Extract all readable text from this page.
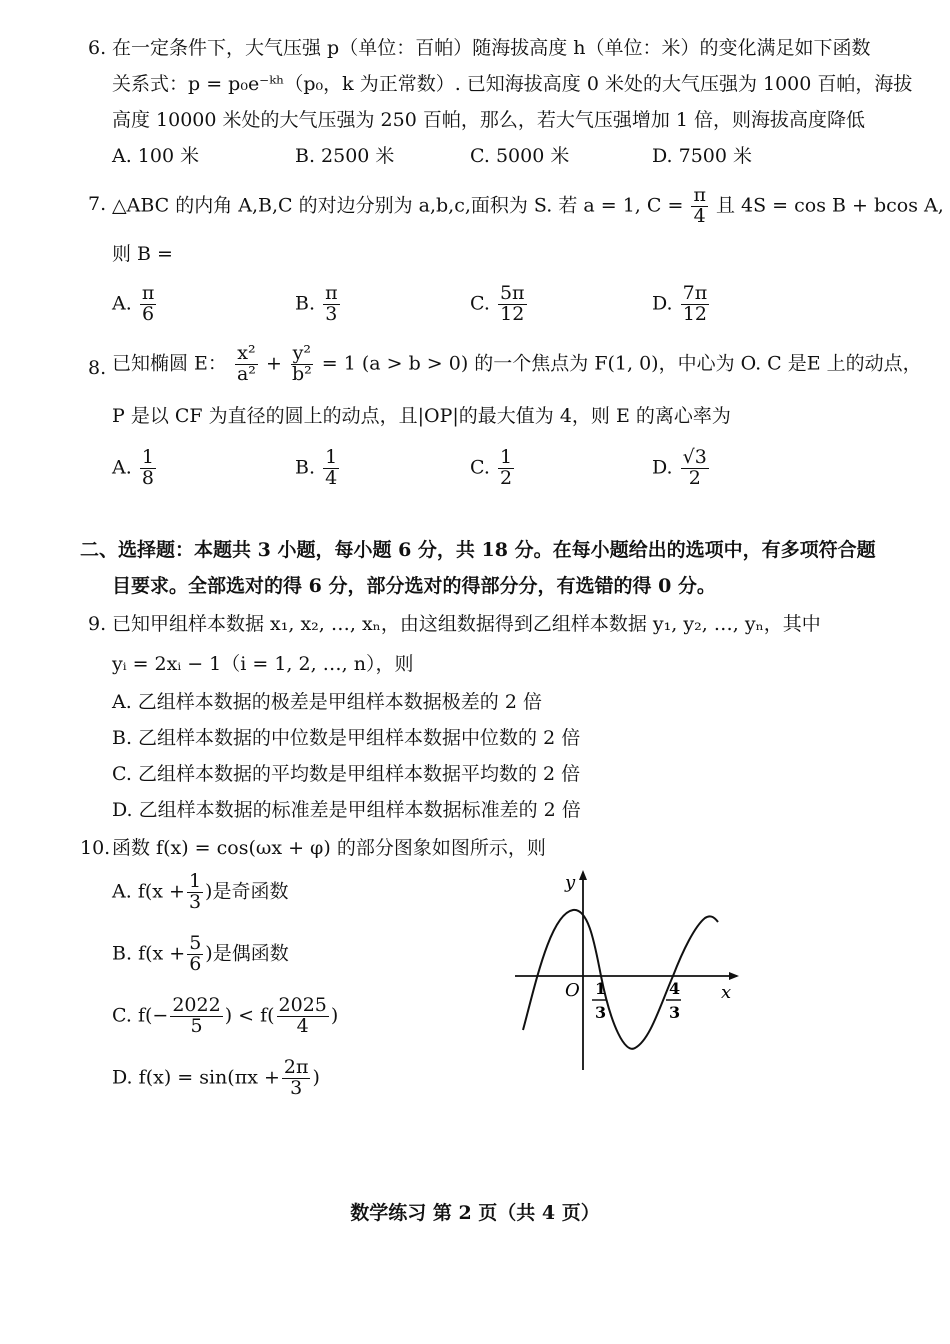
6. 在一定条件下，大气压强 p（单位：百帕）随海拔高度 h（单位：米）的变化满足如下函数
关系式：p = p₀e⁻ᵏʰ（p₀，k 为正常数）. 已知海拔高度 0 米处的大气压强为 1000 百帕，海拔
高度 10000 米处的大气压强为 250 百帕，那么，若大气压强增加 1 倍，则海拔高度降低
A. 100 米	B. 2500 米	C. 5000 米	D. 7500 米
7. △ABC 的内角 A,B,C 的对边分别为 a,b,c,面积为 S. 若 a = 1, $C = \frac{\pi}{4}$ 且 4S = cos B + bcos A,
则 B =
A. $\frac{\pi}{6}$	B. $\frac{\pi}{3}$	C. $\frac{5\pi}{12}$	D. $\frac{7\pi}{12}$
8. 已知椭圆 E： $\frac{\text{x²}}{\text{a²}} + \frac{\text{y²}}{\text{b²}} = 1$ (a > b > 0) 的一个焦点为 F(1, 0)，中心为 O. C 是E 上的动点，
P 是以 CF 为直径的圆上的动点，且|OP|的最大值为 4，则 E 的离心率为
A. $\frac{1}{8}$	B. $\frac{1}{4}$	C. $\frac{1}{2}$	D. $\frac{√3}{2}$
二、选择题：本题共 3 小题，每小题 6 分，共 18 分。在每小题给出的选项中，有多项符合题
目要求。全部选对的得 6 分，部分选对的得部分分，有选错的得 0 分。
9. 已知甲组样本数据 x₁, x₂, …, xₙ，由这组数据得到乙组样本数据 y₁, y₂, …, yₙ，其中
yᵢ = 2xᵢ − 1（i = 1, 2, …, n），则
A. 乙组样本数据的极差是甲组样本数据极差的 2 倍
B. 乙组样本数据的中位数是甲组样本数据中位数的 2 倍
C. 乙组样本数据的平均数是甲组样本数据平均数的 2 倍
D. 乙组样本数据的标准差是甲组样本数据标准差的 2 倍
10. 函数 f(x) = cos(ωx + φ) 的部分图象如图所示，则
A. $f(x + \frac{1}{3}$ )是奇函数
B. $f(x + \frac{5}{6}$ )是偶函数
C. $f(- \frac{2022}{5}$ ) < $f( \frac{2025}{4}$ )
D. $f(x) = \sin(\pi x + \frac{2\pi}{3}$ )
y
x
O 1
3
4
3
数学练习 第 2 页（共 4 页）
